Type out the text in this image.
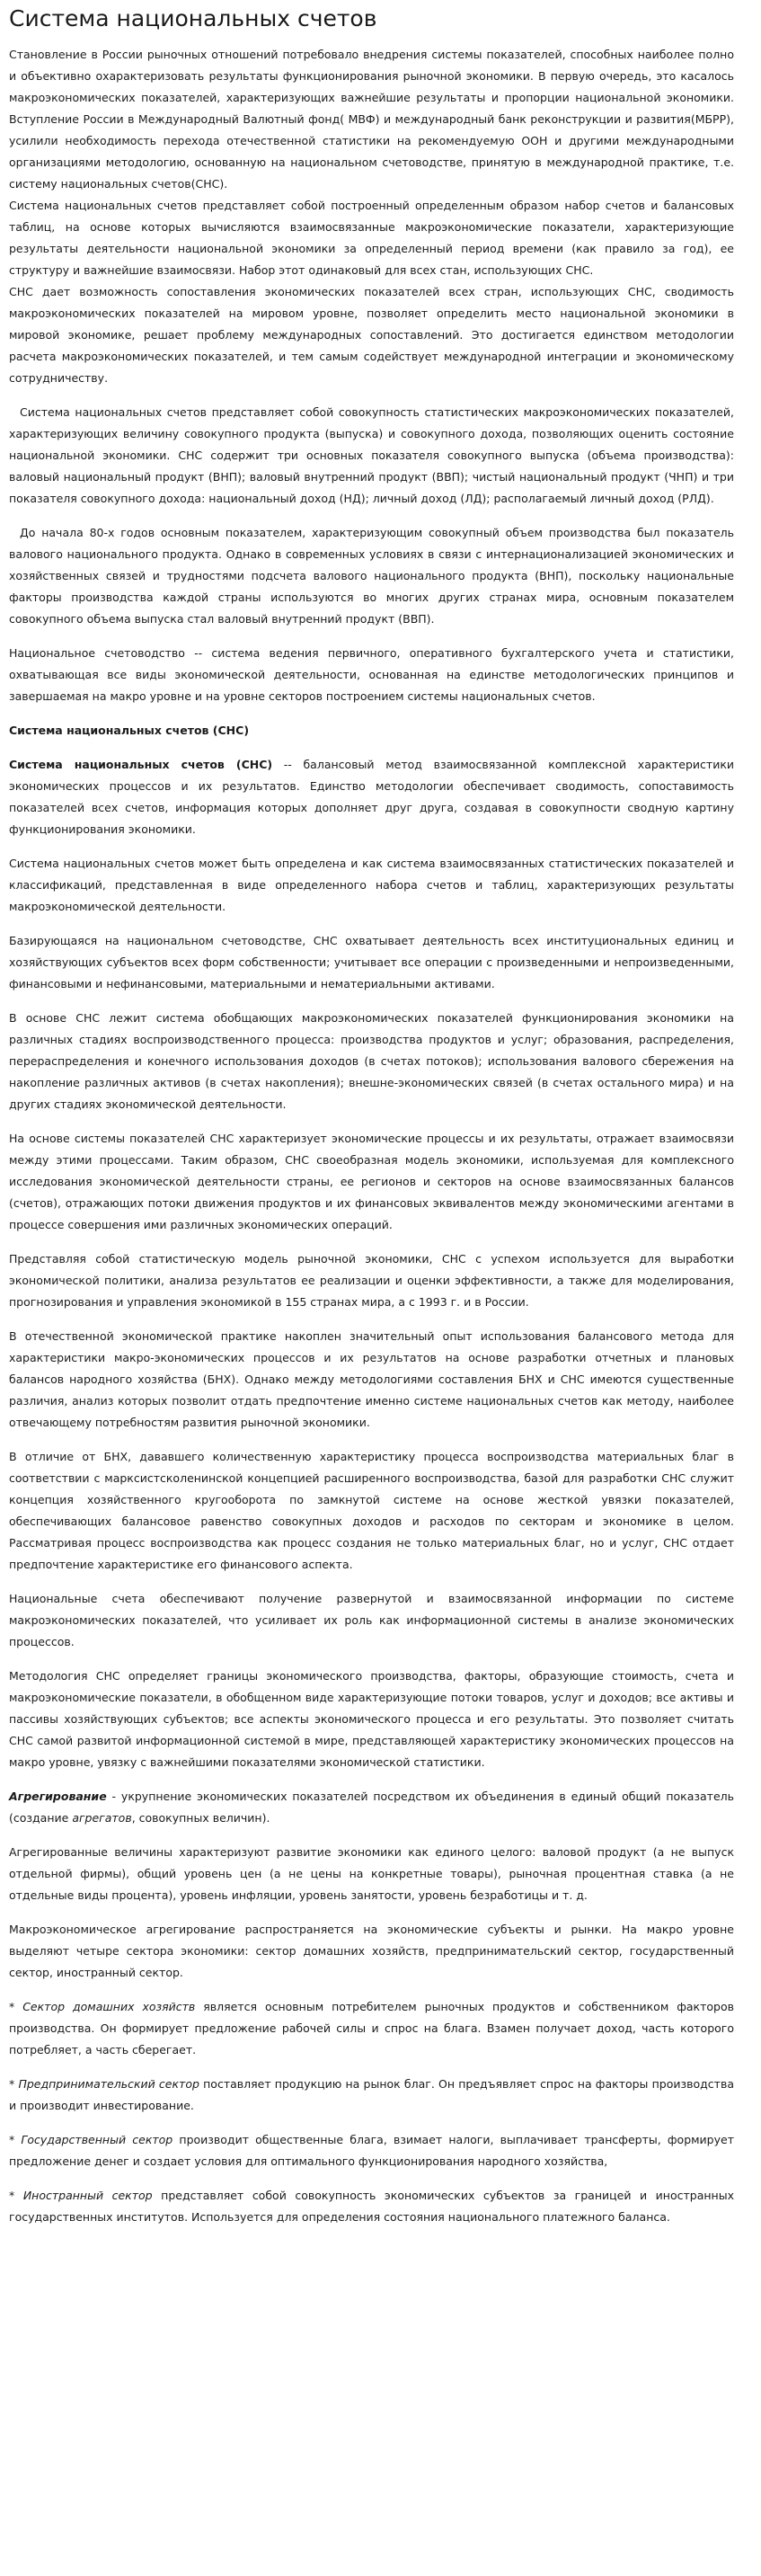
Система национальных счетов

Становление в России рыночных отношений потребовало внедрения системы показателей, способных наиболее полно и объективно охарактеризовать результаты функционирования рыночной экономики. В первую очередь, это касалось макроэкономических показателей, характеризующих важнейшие результаты и пропорции национальной экономики. Вступление России в Международный Валютный фонд( МВФ) и международный банк реконструкции и развития(МБРР), усилили необходимость перехода отечественной статистики на рекомендуемую ООН и другими международными организациями методологию, основанную на национальном счетоводстве, принятую в международной практике, т.е. систему национальных счетов(СНС).

Система национальных счетов представляет собой построенный определенным образом набор счетов и балансовых таблиц, на основе которых вычисляются взаимосвязанные макроэкономические показатели, характеризующие результаты деятельности национальной экономики за определенный период времени (как правило за год), ее структуру и важнейшие взаимосвязи. Набор этот одинаковый для всех стан, использующих СНС.

СНС дает возможность сопоставления экономических показателей всех стран, использующих СНС, сводимость макроэкономических показателей на мировом уровне, позволяет определить место национальной экономики в мировой экономике, решает проблему международных сопоставлений. Это достигается единством методологии расчета макроэкономических показателей, и тем самым содействует международной интеграции и экономическому сотрудничеству.

Система национальных счетов представляет собой совокупность статистических макроэкономических показателей, характеризующих величину совокупного продукта (выпуска) и совокупного дохода, позволяющих оценить состояние национальной экономики. СНС содержит три основных показателя совокупного выпуска (объема производства): валовый национальный продукт (ВНП); валовый внутренний продукт (ВВП); чистый национальный продукт (ЧНП) и три показателя совокупного дохода: национальный доход (НД); личный доход (ЛД); располагаемый личный доход (РЛД).

До начала 80-х годов основным показателем, характеризующим совокупный объем производства был показатель валового национального продукта. Однако в современных условиях в связи с интернационализацией экономических и хозяйственных связей и трудностями подсчета валового национального продукта (ВНП), поскольку национальные факторы производства каждой страны используются во многих других странах мира, основным показателем совокупного объема выпуска стал валовый внутренний продукт (ВВП).

Национальное счетоводство -- система ведения первичного, оперативного бухгалтерского учета и статистики, охватывающая все виды экономической деятельности, основанная на единстве методологических принципов и завершаемая на макро уровне и на уровне секторов построением системы национальных счетов.

Система национальных счетов (СНС)

Система национальных счетов (СНС) -- балансовый метод взаимосвязанной комплексной характеристики экономических процессов и их результатов. Единство методологии обеспечивает сводимость, сопоставимость показателей всех счетов, информация которых дополняет друг друга, создавая в совокупности сводную картину функционирования экономики.

Система национальных счетов может быть определена и как система взаимосвязанных статистических показателей и классификаций, представленная в виде определенного набора счетов и таблиц, характеризующих результаты макроэкономической деятельности.

Базирующаяся на национальном счетоводстве, СНС охватывает деятельность всех институциональных единиц и хозяйствующих субъектов всех форм собственности; учитывает все операции с произведенными и непроизведенными, финансовыми и нефинансовыми, материальными и нематериальными активами.

В основе СНС лежит система обобщающих макроэкономических показателей функционирования экономики на различных стадиях воспроизводственного процесса: производства продуктов и услуг; образования, распределения, перераспределения и конечного использования доходов (в счетах потоков); использования валового сбережения на накопление различных активов (в счетах накопления); внешне-экономических связей (в счетах остального мира) и на других стадиях экономической деятельности.

На основе системы показателей СНС характеризует экономические процессы и их результаты, отражает взаимосвязи между этими процессами. Таким образом, СНС своеобразная модель экономики, используемая для комплексного исследования экономической деятельности страны, ее регионов и секторов на основе взаимосвязанных балансов (счетов), отражающих потоки движения продуктов и их финансовых эквивалентов между экономическими агентами в процессе совершения ими различных экономических операций.

Представляя собой статистическую модель рыночной экономики, СНС с успехом используется для выработки экономической политики, анализа результатов ее реализации и оценки эффективности, а также для моделирования, прогнозирования и управления экономикой в 155 странах мира, а с 1993 г. и в России.

В отечественной экономической практике накоплен значительный опыт использования балансового метода для характеристики макро-экономических процессов и их результатов на основе разработки отчетных и плановых балансов народного хозяйства (БНХ). Однако между методологиями составления БНХ и СНС имеются существенные различия, анализ которых позволит отдать предпочтение именно системе национальных счетов как методу, наиболее отвечающему потребностям развития рыночной экономики.

В отличие от БНХ, дававшего количественную характеристику процесса воспроизводства материальных благ в соответствии с марксистсколенинской концепцией расширенного воспроизводства, базой для разработки СНС служит концепция хозяйственного кругооборота по замкнутой системе на основе жесткой увязки показателей, обеспечивающих балансовое равенство совокупных доходов и расходов по секторам и экономике в целом. Рассматривая процесс воспроизводства как процесс создания не только материальных благ, но и услуг, СНС отдает предпочтение характеристике его финансового аспекта.

Национальные счета обеспечивают получение развернутой и взаимосвязанной информации по системе макроэкономических показателей, что усиливает их роль как информационной системы в анализе экономических процессов.

Методология СНС определяет границы экономического производства, факторы, образующие стоимость, счета и макроэкономические показатели, в обобщенном виде характеризующие потоки товаров, услуг и доходов; все активы и пассивы хозяйствующих субъектов; все аспекты экономического процесса и его результаты. Это позволяет считать СНС самой развитой информационной системой в мире, представляющей характеристику экономических процессов на макро уровне, увязку с важнейшими показателями экономической статистики.

Агрегирование - укрупнение экономических показателей посредством их объединения в единый общий показатель (создание агрегатов, совокупных величин).

Агрегированные величины характеризуют развитие экономики как единого целого: валовой продукт (а не выпуск отдельной фирмы), общий уровень цен (а не цены на конкретные товары), рыночная процентная ставка (а не отдельные виды процента), уровень инфляции, уровень занятости, уровень безработицы и т. д.

Макроэкономическое агрегирование распространяется на экономические субъекты и рынки. На макро уровне выделяют четыре сектора экономики: сектор домашних хозяйств, предпринимательский сектор, государственный сектор, иностранный сектор.

* Сектор домашних хозяйств является основным потребителем рыночных продуктов и собственником факторов производства. Он формирует предложение рабочей силы и спрос на блага. Взамен получает доход, часть которого потребляет, а часть сберегает.

* Предпринимательский сектор поставляет продукцию на рынок благ. Он предъявляет спрос на факторы производства и производит инвестирование.

* Государственный сектор производит общественные блага, взимает налоги, выплачивает трансферты, формирует предложение денег и создает условия для оптимального функционирования народного хозяйства,

* Иностранный сектор представляет собой совокупность экономических субъектов за границей и иностранных государственных институтов. Используется для определения состояния национального платежного баланса.
